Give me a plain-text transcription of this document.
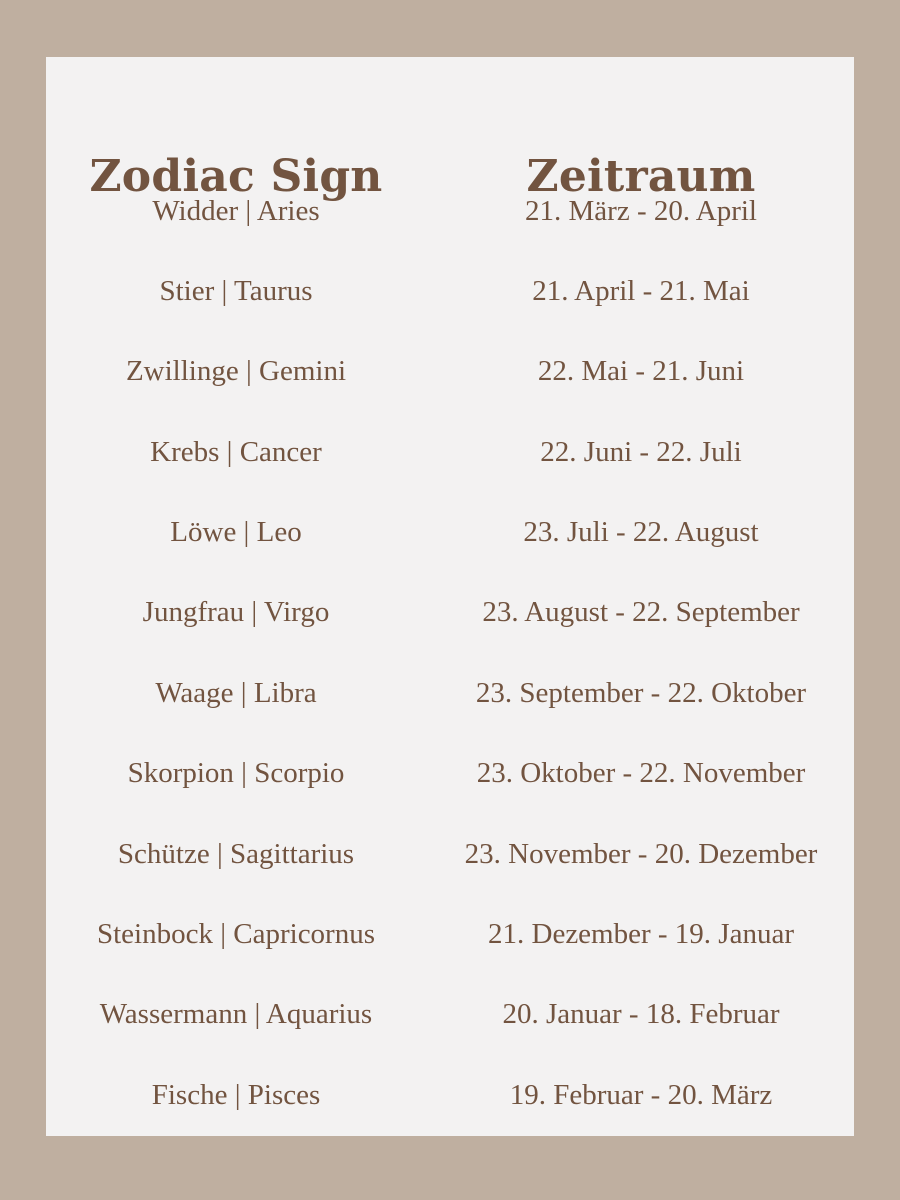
Zodiac Sign	Zeitraum
Widder | Aries	21. März - 20. April
Stier | Taurus	21. April - 21. Mai
Zwillinge | Gemini	22. Mai - 21. Juni
Krebs | Cancer	22. Juni - 22. Juli
Löwe | Leo	23. Juli - 22. August
Jungfrau | Virgo	23. August - 22. September
Waage | Libra	23. September - 22. Oktober
Skorpion | Scorpio	23. Oktober - 22. November
Schütze | Sagittarius	23. November - 20. Dezember
Steinbock | Capricornus	21. Dezember - 19. Januar
Wassermann | Aquarius	20. Januar - 18. Februar
Fische | Pisces	19. Februar - 20. März
